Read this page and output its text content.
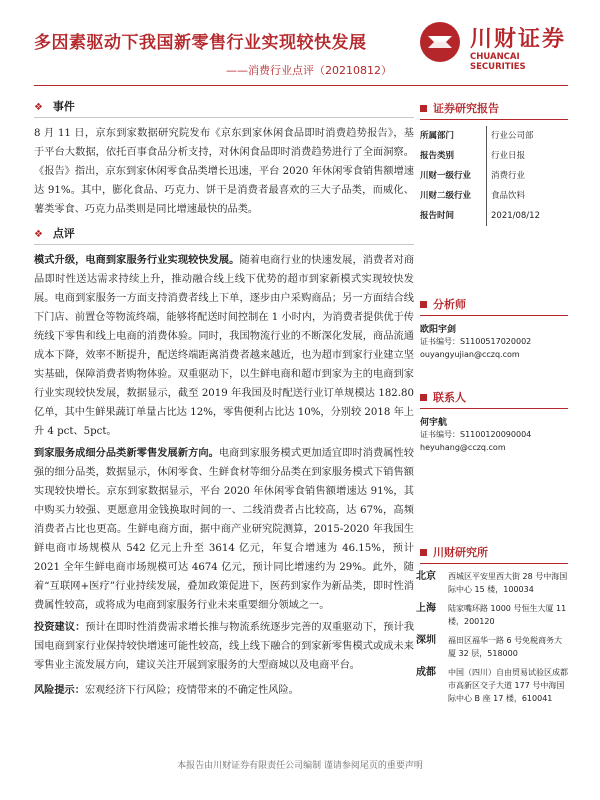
多因素驱动下我国新零售行业实现较快发展
——消费行业点评（20210812）
川财证券
CHUANCAI SECURITIES
❖ 事件

8 月 11 日，京东到家数据研究院发布《京东到家休闲食品即时消费趋势报告》，基于平台大数据，依托百事食品分析支持，对休闲食品即时消费趋势进行了全面洞察。《报告》指出，京东到家休闲零食品类增长迅速，平台 2020 年休闲零食销售额增速达 91%。其中，膨化食品、巧克力、饼干是消费者最喜欢的三大子品类，而威化、薯类零食、巧克力品类则是同比增速最快的品类。

❖ 点评

模式升级，电商到家服务行业实现较快发展。随着电商行业的快速发展，消费者对商品即时性送达需求持续上升，推动融合线上线下优势的超市到家新模式实现较快发展。电商到家服务一方面支持消费者线上下单，逐步由户采购商品；另一方面结合线下门店、前置仓等物流终端，能够将配送时间控制在 1 小时内，为消费者提供优于传统线下零售和线上电商的消费体验。同时，我国物流行业的不断深化发展，商品流通成本下降，效率不断提升，配送终端距离消费者越来越近，也为超市到家行业建立坚实基础，保障消费者购物体验。双重驱动下，以生鲜电商和超市到家为主的电商到家行业实现较快发展，数据显示，截至 2019 年我国及时配送行业订单规模达 182.80 亿单，其中生鲜果蔬订单量占比达 12%，零售便利占比达 10%，分别较 2018 年上升 4 pct、5pct。

到家服务成细分品类新零售发展新方向。电商到家服务模式更加适宜即时消费属性较强的细分品类，数据显示，休闲零食、生鲜食材等细分品类在到家服务模式下销售额实现较快增长。京东到家数据显示，平台 2020 年休闲零食销售额增速达 91%，其中购买力较强、更愿意用金钱换取时间的一、二线消费者占比较高，达 67%，高频消费者占比也更高。生鲜电商方面，据中商产业研究院测算，2015-2020 年我国生鲜电商市场规模从 542 亿元上升至 3614 亿元，年复合增速为 46.15%，预计 2021 全年生鲜电商市场规模可达 4674 亿元，预计同比增速约为 29%。此外，随着“互联网+医疗”行业持续发展，叠加政策促进下，医药到家作为新品类，即时性消费属性较高，或将成为电商到家服务行业未来重要细分领域之一。

投资建议：预计在即时性消费需求增长推与物流系统逐步完善的双重驱动下，预计我国电商到家行业保持较快增速可能性较高，线上线下融合的到家新零售模式或成未来零售业主流发展方向，建议关注开展到家服务的大型商城以及电商平台。

风险提示：宏观经济下行风险；疫情带来的不确定性风险。

证券研究报告
所属部门	行业公司部
报告类别	行业日报
川财一级行业	消费行业
川财二级行业	食品饮料
报告时间	2021/08/12
分析师
欧阳宇剑
证书编号：S1100517020002
ouyangyujian@cczq.com
联系人
何宇航
证书编号：S1100120090004
heyuhang@cczq.com
川财研究所
北京	西城区平安里西大街 28 号中海国际中心 15 楼，100034
上海	陆家嘴环路 1000 号恒生大厦 11 楼，200120
深圳	福田区福华一路 6 号免税商务大厦 32 层，518000
成都	中国（四川）自由贸易试验区成都市高新区交子大道 177 号中海国际中心 B 座 17 楼，610041
本报告由川财证券有限责任公司编制 谨请参阅尾页的重要声明
